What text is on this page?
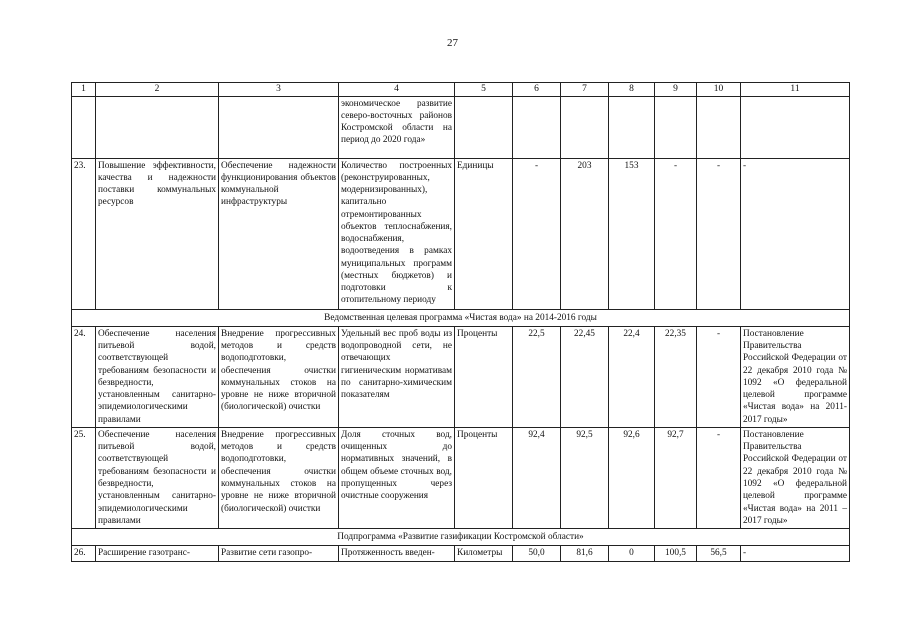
27
1	2	3	4	5	6	7	8	9	10	11
			экономическое развитие северо-восточных районов Костромской области на период до 2020 года»							
23.	Повышение эффективности, качества и надежности поставки коммунальных ресурсов	Обеспечение надежности функционирования объектов коммунальной инфраструктуры	Количество построенных (реконструированных, модернизированных), капитально отремонтированных объектов теплоснабжения, водоснабжения, водоотведения в рамках муниципальных программ (местных бюджетов) и подготовки к отопительному периоду	Единицы	-	203	153	-	-	-
Ведомственная целевая программа «Чистая вода» на 2014-2016 годы										
24.	Обеспечение населения питьевой водой, соответствующей требованиям безопасности и безвредности, установленным санитарно-эпидемиологическими правилами	Внедрение прогрессивных методов и средств водоподготовки, обеспечения очистки коммунальных стоков на уровне не ниже вторичной (биологической) очистки	Удельный вес проб воды из водопроводной сети, не отвечающих гигиеническим нормативам по санитарно-химическим показателям	Проценты	22,5	22,45	22,4	22,35	-	Постановление Правительства Российской Федерации от 22 декабря 2010 года № 1092 «О федеральной целевой программе «Чистая вода» на 2011-2017 годы»
25.	Обеспечение населения питьевой водой, соответствующей требованиям безопасности и безвредности, установленным санитарно-эпидемиологическими правилами	Внедрение прогрессивных методов и средств водоподготовки, обеспечения очистки коммунальных стоков на уровне не ниже вторичной (биологической) очистки	Доля сточных вод, очищенных до нормативных значений, в общем объеме сточных вод, пропущенных через очистные сооружения	Проценты	92,4	92,5	92,6	92,7	-	Постановление Правительства Российской Федерации от 22 декабря 2010 года № 1092 «О федеральной целевой программе «Чистая вода» на 2011 – 2017 годы»
Подпрограмма «Развитие газификации Костромской области»										
26.	Расширение газотранс-	Развитие сети газопро-	Протяженность введен-	Километры	50,0	81,6	0	100,5	56,5	-
